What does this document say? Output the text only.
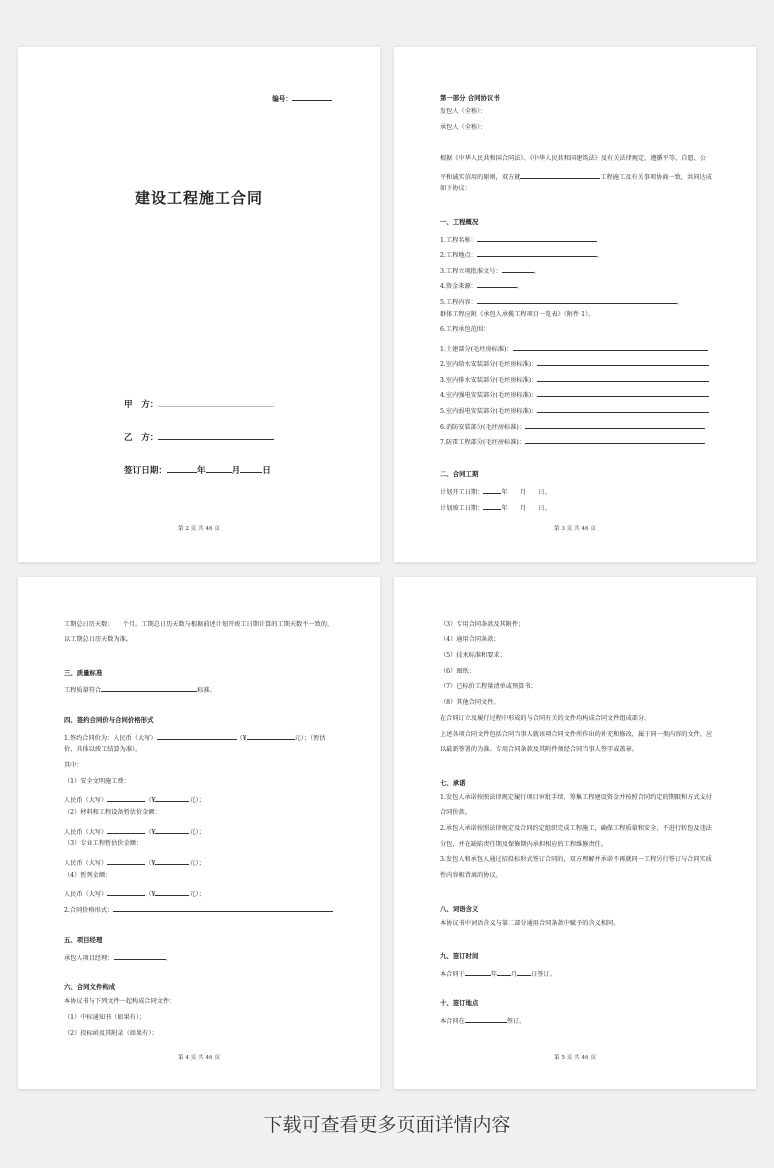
编号：
建设工程施工合同
甲　方：
乙　方：
签订日期：	年	月	日
第 2 页 共 46 页
第一部分 合同协议书
发包人（全称）：
承包人（全称）：
根据《中华人民共和国合同法》、《中华人民共和国建筑法》及有关法律规定，遵循平等、自愿、公
平和诚实信用的原则，双方就	工程施工及有关事项协商一致，共同达成
如下协议：
一、工程概况
1.工程名称：
2.工程地点：	。
3.工程立项批准文号：	。
4.资金来源：	。
5.工程内容：	。
群体工程应附《承包人承揽工程项目一览表》（附件 1）。
6.工程承包范围：
1.土建部分(毛坯房标准)：
2.室内给水安装部分(毛坯房标准)：
3.室内排水安装部分(毛坯房标准)：
4.室内强电安装部分(毛坯房标准)：
5.室内弱电安装部分(毛坯房标准)：
6.消防安装部分(毛坯房标准)：
7.防雷工程部分(毛坯房标准)：
二、合同工期
计划开工日期：	年　　月　　日。
计划竣工日期：	年　　月　　日。
第 3 页 共 46 页
工期总日历天数：　　个月。工期总日历天数与根据前述计划开竣工日期计算的工期天数不一致的，
以工期总日历天数为准。
三、质量标准
工程质量符合	标准。
四、签约合同价与合同价格形式
1.签约合同价为：人民币（大写）	（¥	元）；（暂估
价，具体以竣工结算为准）。
其中：
（1）安全文明施工费：
人民币（大写）	（¥	元）；
（2）材料和工程设备暂估价金额：
人民币（大写）	（¥	元）；
（3）专业工程暂估价金额：
人民币（大写）	（¥	元）；
（4）暂列金额：
人民币（大写）	（¥	元）；
2.合同价格形式：
五、项目经理
承包人项目经理：	。
六、合同文件构成
本协议书与下列文件一起构成合同文件：
（1）中标通知书（如果有）；
（2）投标函及其附录（如果有）；
第 4 页 共 46 页
（3）专用合同条款及其附件；
（4）通用合同条款；
（5）技术标准和要求；
（6）图纸；
（7）已标价工程量清单或预算书；
（8）其他合同文件。
在合同订立及履行过程中形成的与合同有关的文件均构成合同文件组成部分。
上述各项合同文件包括合同当事人就该项合同文件所作出的补充和修改，属于同一类内容的文件，应
以最新签署的为准。专用合同条款及其附件须经合同当事人签字或盖章。
七、承诺
1.发包人承诺按照法律规定履行项目审批手续、筹集工程建设资金并按照合同约定的期限和方式支付
合同价款。
2.承包人承诺按照法律规定及合同约定组织完成工程施工，确保工程质量和安全，不进行转包及违法
分包，并在缺陷责任期及保修期内承担相应的工程维修责任。
3.发包人和承包人通过招投标形式签订合同的，双方理解并承诺不再就同一工程另行签订与合同实质
性内容相背离的协议。
八、词语含义
本协议书中词语含义与第二部分通用合同条款中赋予的含义相同。
九、签订时间
本合同于	年 月 日签订。
十、签订地点
本合同在	签订。
第 5 页 共 46 页
下载可查看更多页面详情内容
